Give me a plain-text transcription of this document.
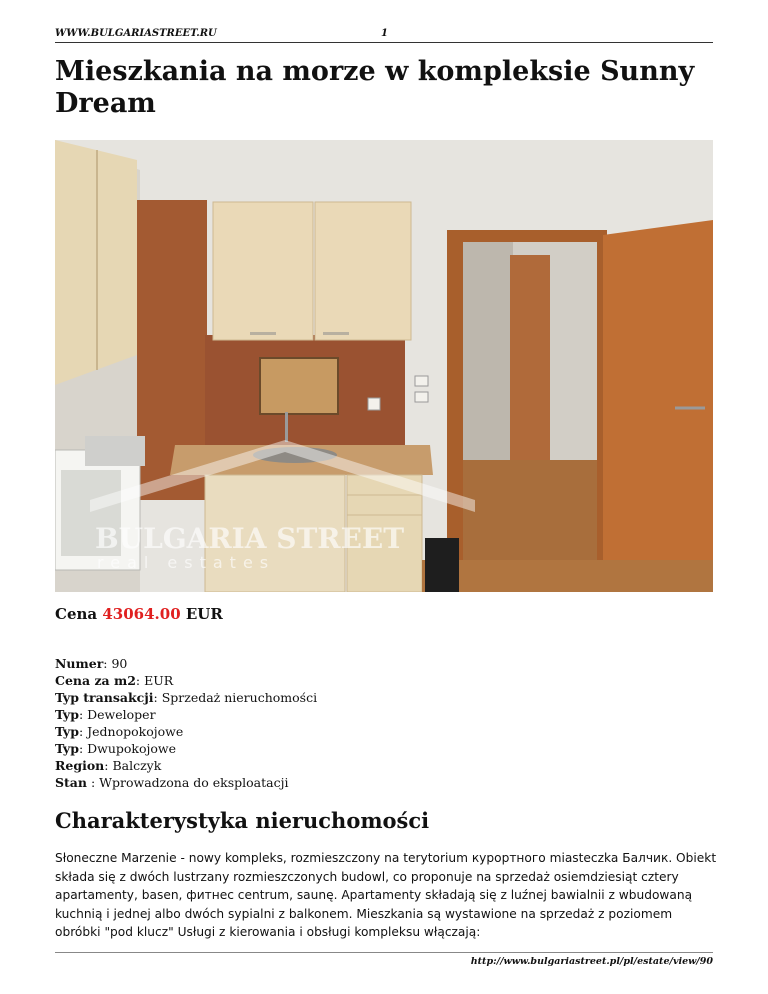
WWW.BULGARIASTREET.RU	1
Mieszkania na morze w kompleksie Sunny Dream
BULGARIA STREET
real estates
Cena 43064.00 EUR
Numer: 90
Cena za m2: EUR
Typ transakcji: Sprzedaż nieruchomości
Typ: Deweloper
Typ: Jednopokojowe
Typ: Dwupokojowe
Region: Balczyk
Stan : Wprowadzona do eksploatacji
Charakterystyka nieruchomości
Słoneczne Marzenie - nowy kompleks, rozmieszczony na terytorium курортного miasteczka Балчик. Obiekt składa się z dwóch lustrzany rozmieszczonych budowl, co proponuje na sprzedaż osiemdziesiąt cztery apartamenty, basen, фитнес centrum, saunę. Apartamenty składają się z luźnej bawialnii z wbudowaną kuchnią i jednej albo dwóch sypialni z balkonem. Mieszkania są wystawione na sprzedaż z poziomem obróbki "pod klucz" Usługi z kierowania i obsługi kompleksu włączają:
http://www.bulgariastreet.pl/pl/estate/view/90
